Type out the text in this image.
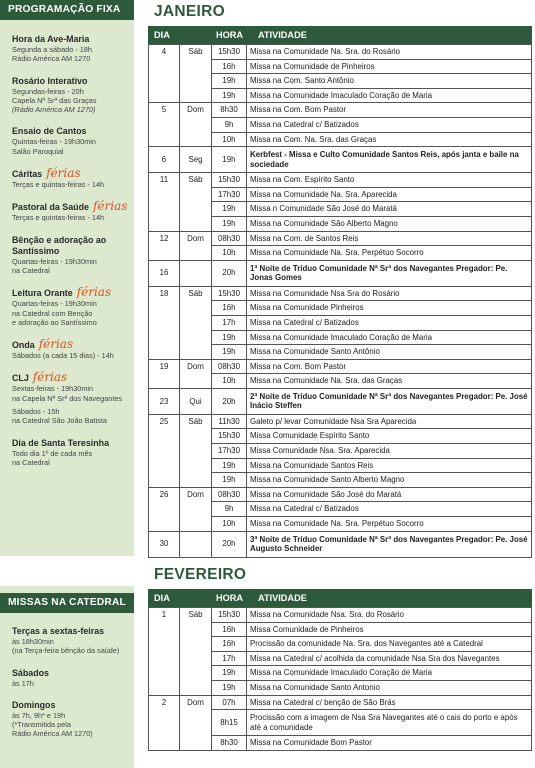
PROGRAMAÇÃO FIXA
Hora da Ave-Maria
Segunda a sábado - 18h
Rádio América AM 1270
Rosário Interativo
Segundas-feiras - 20h
Capela Nª Srª das Graças
(Rádio América AM 1270)
Ensaio de Cantos
Quintas-feiras - 19h30min
Salão Paroquial
Cáritas férias
Terças e quintas-feiras - 14h
Pastoral da Saúde férias
Terças e quintas-feiras - 14h
Bênção e adoração ao Santíssimo
Quartas-feiras - 19h30min
na Catedral
Leitura Orante férias
Quartas-feiras - 19h30min
na Catedral com Benção
e adoração ao Santíssimo
Onda férias
Sábados (a cada 15 dias) - 14h
CLJ férias
Sextas-feiras - 19h30min
na Capela Nª Srª dos Navegantes
Sábados - 15h
na Catedral São João Batista
Dia de Santa Teresinha
Todo dia 1º de cada mês
na Catedral
MISSAS NA CATEDRAL
Terças a sextas-feiras
às 18h30min
(na Terça-feira bênção da saúde)
Sábados
às 17h
Domingos
às 7h, 9h* e 19h
(*Transmitida pela
Rádio América AM 1270)
JANEIRO
DIA	HORA ATIVIDADE
4	Sáb	15h30	Missa na Comunidade Na. Sra. do Rosário
		16h	Missa na Comunidade de Pinheiros
		19h	Missa na Com. Santo Antônio
		19h	Missa na Comunidade Imaculado Coração de Maria
5	Dom	8h30	Missa na Com. Bom Pastor
		9h	Missa na Catedral c/ Batizados
		10h	Missa na Com. Na. Sra. das Graças
6	Seg	19h	Kerbfest - Missa e Culto Comunidade Santos Reis, após janta e baile na sociedade
11	Sáb	15h30	Missa na Com. Espírito Santo
		17h30	Missa na Comunidade Na. Sra. Aparecida
		19h	Missa n Comunidade São José do Maratá
		19h	Missa na Comunidade São Alberto Magno
12	Dom	08h30	Missa na Com. de Santos Reis
		10h	Missa na Comunidade Na. Sra. Perpétuo Socorro
16		20h	1ª Noite de Tríduo Comunidade Nª Srª dos Navegantes Pregador: Pe. Jonas Gomes
18	Sáb	15h30	Missa na Comunidade Nsa Sra do Rosário
		16h	Missa na Comunidade Pinheiros
		17h	Missa na Catedral c/ Batizados
		19h	Missa na Comunidade Imaculado Coração de Maria
		19h	Missa na Comunidade Santo Antônio
19	Dom	08h30	Missa na Com. Bom Pastor
		10h	Missa na Comunidade Na. Sra. das Graças
23	Qui	20h	2ª Noite de Tríduo Comunidade Nª Srª dos Navegantes Pregador: Pe. José Inácio Steffen
25	Sáb	11h30	Galeto p/ levar Comunidade Nsa Sra Aparecida
		15h30	Missa Comunidade Espírito Santo
		17h30	Missa Comunidade Nsa. Sra. Aparecida
		19h	Missa na Comunidade Santos Reis
		19h	Missa na Comunidade Santo Alberto Magno
26	Dom	08h30	Missa na Comunidade São José do Maratá
		9h	Missa na Catedral c/ Batizados
		10h	Missa na Comunidade Na. Sra. Perpétuo Socorro
30		20h	3ª Noite de Tríduo Comunidade Nª Srª dos Navegantes Pregador: Pe. José Augusto Schneider
FEVEREIRO
DIA	HORA ATIVIDADE
1	Sáb	15h30	Missa na Comunidade Nsa. Sra. do Rosário
		16h	Missa Comunidade de Pinheiros
		16h	Procissão da comunidade Na. Sra. dos Navegantes até a Catedral
		17h	Missa na Catedral c/ acolhida da comunidade Nsa Sra dos Navegantes
		19h	Missa na Comunidade Imaculado Coração de Maria
		19h	Missa na Comunidade Santo Antonio
2	Dom	07h	Missa na Catedral c/ benção de São Brás
		8h15	Procissão com a imagem de Nsa Sra Navegantes até o cais do porto e após até a comunidade
		8h30	Missa na Comunidade Bom Pastor
